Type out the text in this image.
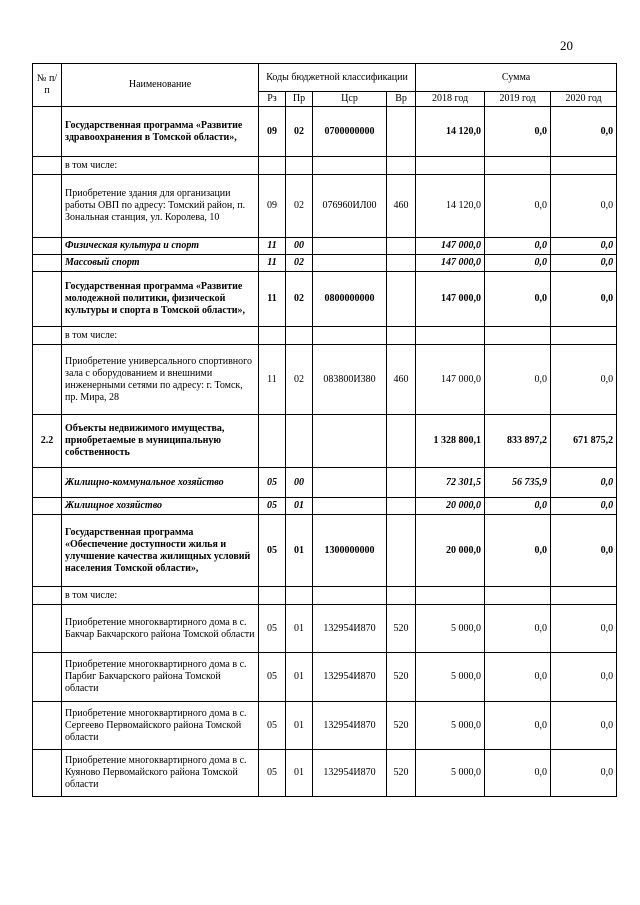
20
№ п/п	Наименование	Коды бюджетной классификации				Сумма		
		Рз	Пр	Цср	Вр	2018 год	2019 год	2020 год
	Государственная программа «Развитие здравоохранения в Томской области»,	09	02	0700000000		14 120,0	0,0	0,0
	в том числе:							
	Приобретение здания для организации работы ОВП по адресу: Томский район, п. Зональная станция, ул. Королева, 10	09	02	076960ИЛ00	460	14 120,0	0,0	0,0
	Физическая культура и спорт	11	00			147 000,0	0,0	0,0
	Массовый спорт	11	02			147 000,0	0,0	0,0
	Государственная программа «Развитие молодежной политики, физической культуры и спорта в Томской области»,	11	02	0800000000		147 000,0	0,0	0,0
	в том числе:							
	Приобретение универсального спортивного зала с оборудованием и внешними инженерными сетями по адресу: г. Томск, пр. Мира, 28	11	02	083800И380	460	147 000,0	0,0	0,0
2.2	Объекты недвижимого имущества, приобретаемые в муниципальную собственность					1 328 800,1	833 897,2	671 875,2
	Жилищно-коммунальное хозяйство	05	00			72 301,5	56 735,9	0,0
	Жилищное хозяйство	05	01			20 000,0	0,0	0,0
	Государственная программа «Обеспечение доступности жилья и улучшение качества жилищных условий населения Томской области»,	05	01	1300000000		20 000,0	0,0	0,0
	в том числе:							
	Приобретение многоквартирного дома в с. Бакчар Бакчарского района Томской области	05	01	132954И870	520	5 000,0	0,0	0,0
	Приобретение многоквартирного дома в с. Парбиг Бакчарского района Томской области	05	01	132954И870	520	5 000,0	0,0	0,0
	Приобретение многоквартирного дома в с. Сергеево Первомайского района Томской области	05	01	132954И870	520	5 000,0	0,0	0,0
	Приобретение многоквартирного дома в с. Куяново Первомайского района Томской области	05	01	132954И870	520	5 000,0	0,0	0,0
